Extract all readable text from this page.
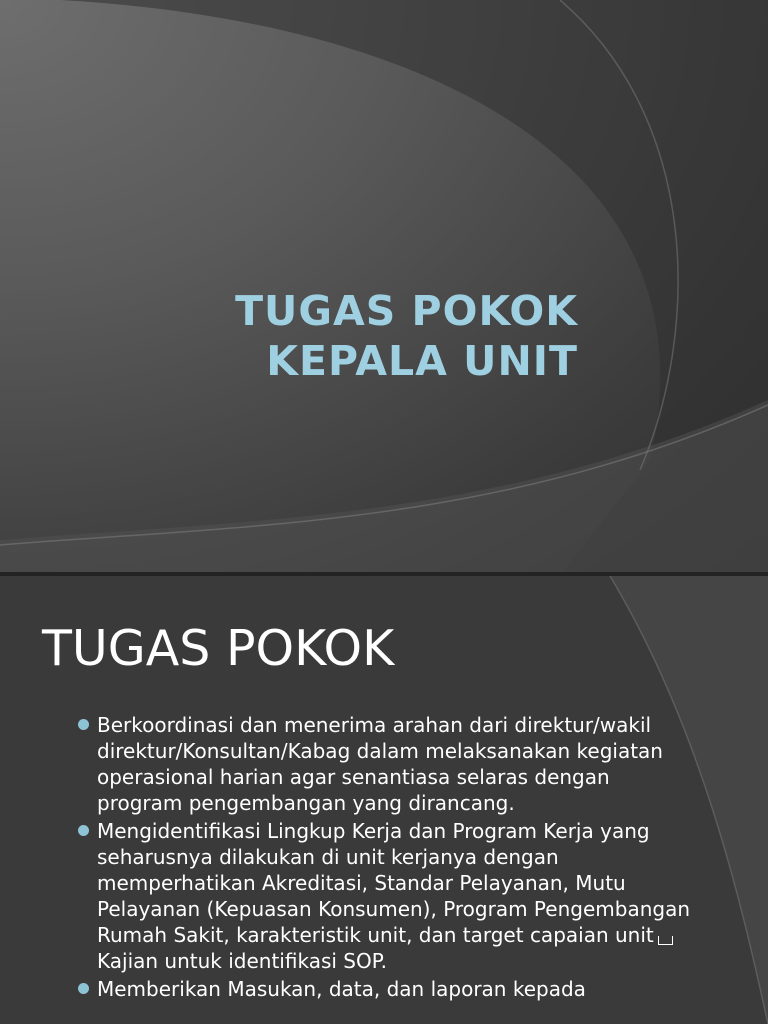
TUGAS POKOK
KEPALA UNIT
TUGAS POKOK
Berkoordinasi dan menerima arahan dari direktur/wakil direktur/Konsultan/Kabag dalam melaksanakan kegiatan operasional harian agar senantiasa selaras dengan program pengembangan yang dirancang.
Mengidentifikasi Lingkup Kerja dan Program Kerja yang seharusnya dilakukan di unit kerjanya dengan memperhatikan Akreditasi, Standar Pelayanan, Mutu Pelayanan (Kepuasan Konsumen), Program Pengembangan Rumah Sakit, karakteristik unit, dan target capaian unitKajian untuk identifikasi SOP.
Memberikan Masukan, data, dan laporan kepada
